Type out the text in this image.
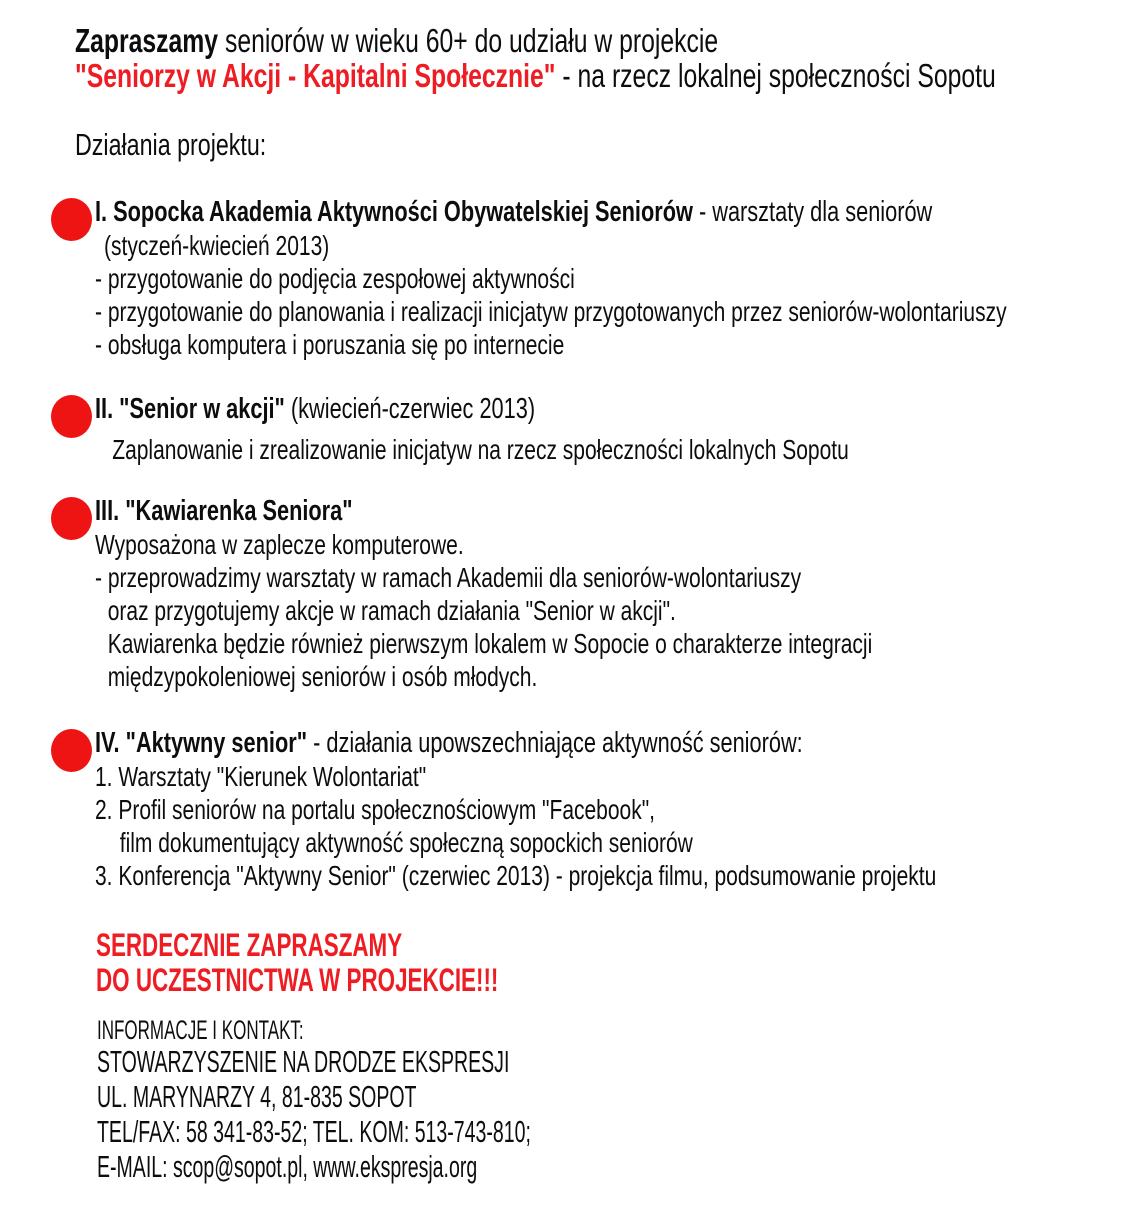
Zapraszamy seniorów w wieku 60+ do udziału w projekcie
"Seniorzy w Akcji - Kapitalni Społecznie" - na rzecz lokalnej społeczności Sopotu
Działania projektu:
I. Sopocka Akademia Aktywności Obywatelskiej Seniorów - warsztaty dla seniorów
(styczeń-kwiecień 2013)
- przygotowanie do podjęcia zespołowej aktywności
- przygotowanie do planowania i realizacji inicjatyw przygotowanych przez seniorów-wolontariuszy
- obsługa komputera i poruszania się po internecie
II. "Senior w akcji" (kwiecień-czerwiec 2013)
Zaplanowanie i zrealizowanie inicjatyw na rzecz społeczności lokalnych Sopotu
III. "Kawiarenka Seniora"
Wyposażona w zaplecze komputerowe.
- przeprowadzimy warsztaty w ramach Akademii dla seniorów-wolontariuszy
oraz przygotujemy akcje w ramach działania "Senior w akcji".
Kawiarenka będzie również pierwszym lokalem w Sopocie o charakterze integracji
międzypokoleniowej seniorów i osób młodych.
IV. "Aktywny senior" - działania upowszechniające aktywność seniorów:
1. Warsztaty "Kierunek Wolontariat"
2. Profil seniorów na portalu społecznościowym "Facebook",
film dokumentujący aktywność społeczną sopockich seniorów
3. Konferencja "Aktywny Senior" (czerwiec 2013) - projekcja filmu, podsumowanie projektu
SERDECZNIE ZAPRASZAMY
DO UCZESTNICTWA W PROJEKCIE!!!
INFORMACJE I KONTAKT:
STOWARZYSZENIE NA DRODZE EKSPRESJI
UL. MARYNARZY 4, 81-835 SOPOT
TEL/FAX: 58 341-83-52; TEL. KOM: 513-743-810;
E-MAIL: scop@sopot.pl, www.ekspresja.org
